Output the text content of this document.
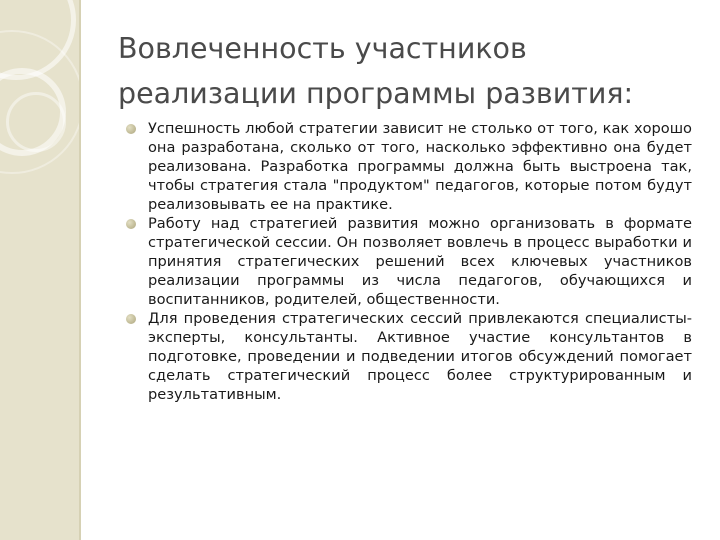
Вовлеченность участников
реализации программы развития:
Успешность любой стратегии зависит не столько от того, как хорошо она разработана, сколько от того, насколько эффективно она будет реализована. Разработка программы должна быть выстроена так, чтобы стратегия стала "продуктом" педагогов, которые потом будут реализовывать ее на практике.
Работу над стратегией развития можно организовать в формате стратегической сессии. Он позволяет вовлечь в процесс выработки и принятия стратегических решений всех ключевых участников реализации программы из числа педагогов, обучающихся и воспитанников, родителей, общественности.
Для проведения стратегических сессий привлекаются специалисты-эксперты, консультанты. Активное участие консультантов в подготовке, проведении и подведении итогов обсуждений помогает сделать стратегический процесс более структурированным и результативным.
